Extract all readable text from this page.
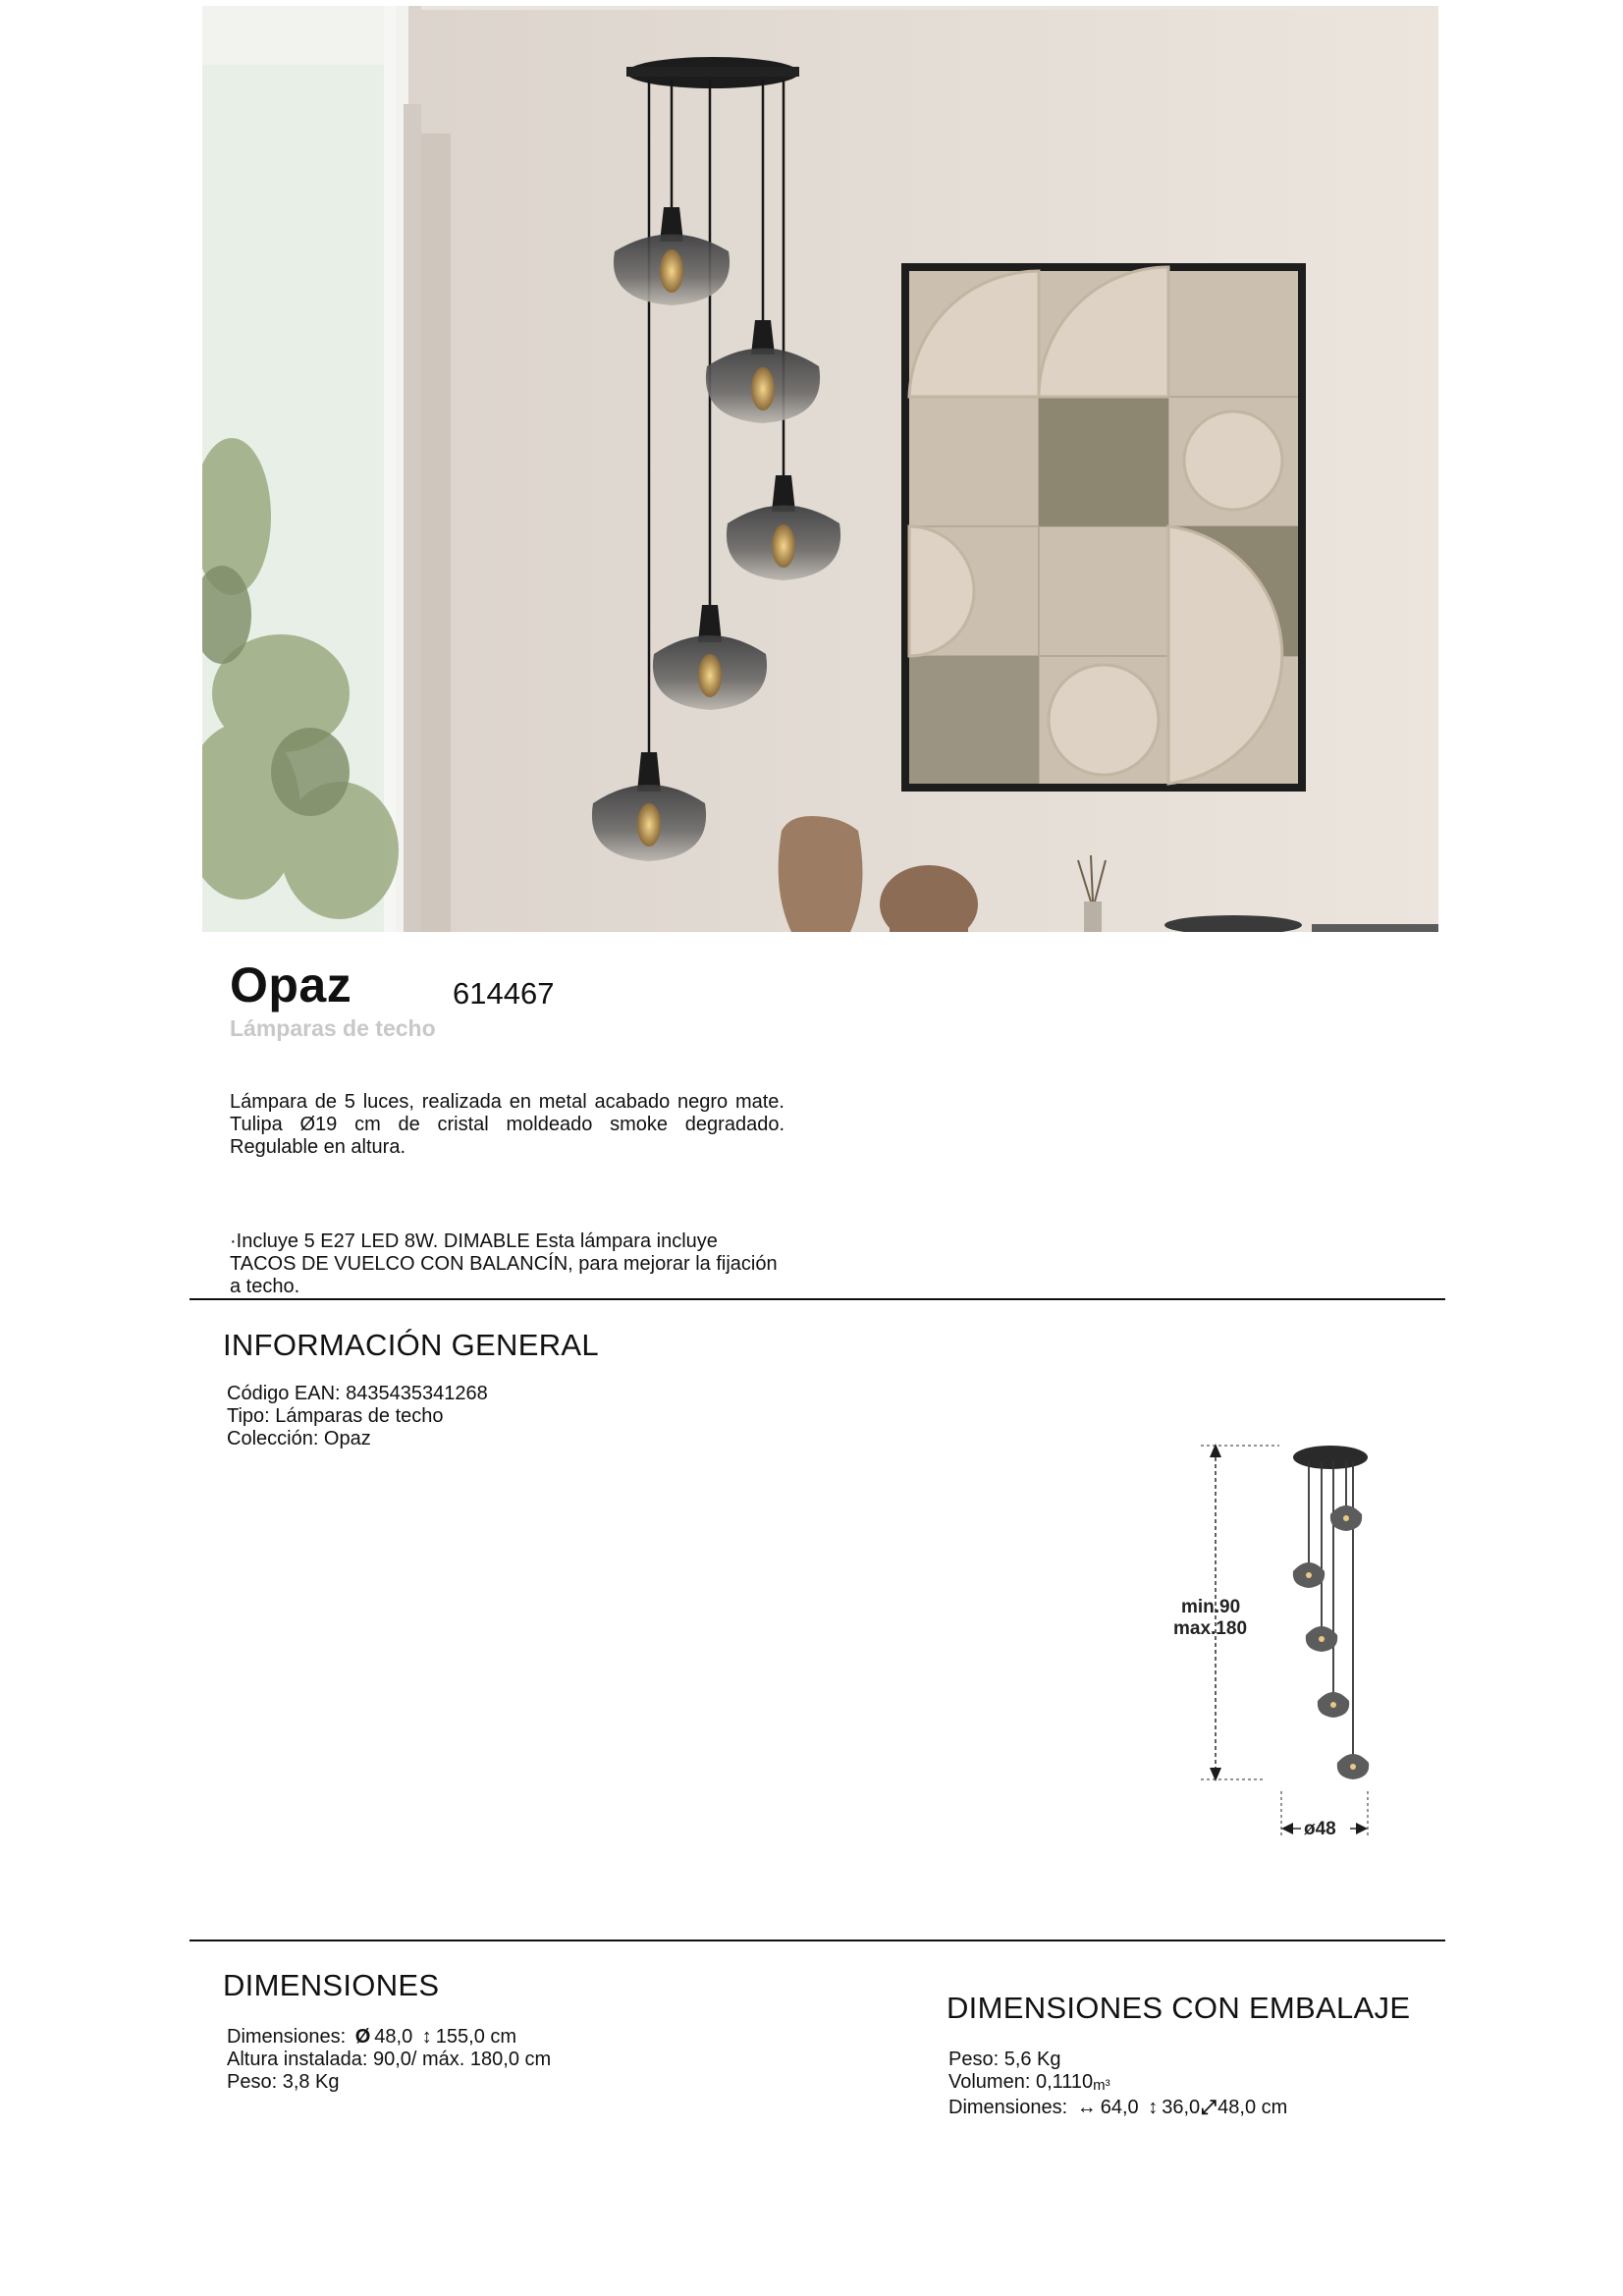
Opaz	614467
Lámparas de techo
Lámpara de 5 luces, realizada en metal acabado negro mate. Tulipa Ø19 cm de cristal moldeado smoke degradado. Regulable en altura.
·Incluye 5 E27 LED 8W. DIMABLE Esta lámpara incluye TACOS DE VUELCO CON BALANCÍN, para mejorar la fijación a techo.
INFORMACIÓN GENERAL
Código EAN: 8435435341268
Tipo: Lámparas de techo
Colección: Opaz
min.90
max.180
ø48
DIMENSIONES
Dimensiones: Ø 48,0 ↕ 155,0 cm
Altura instalada: 90,0/ máx. 180,0 cm
Peso: 3,8 Kg
DIMENSIONES CON EMBALAJE
Peso: 5,6 Kg
Volumen: 0,1110m³
Dimensiones: ↔ 64,0 ↕ 36,0⤢48,0 cm
